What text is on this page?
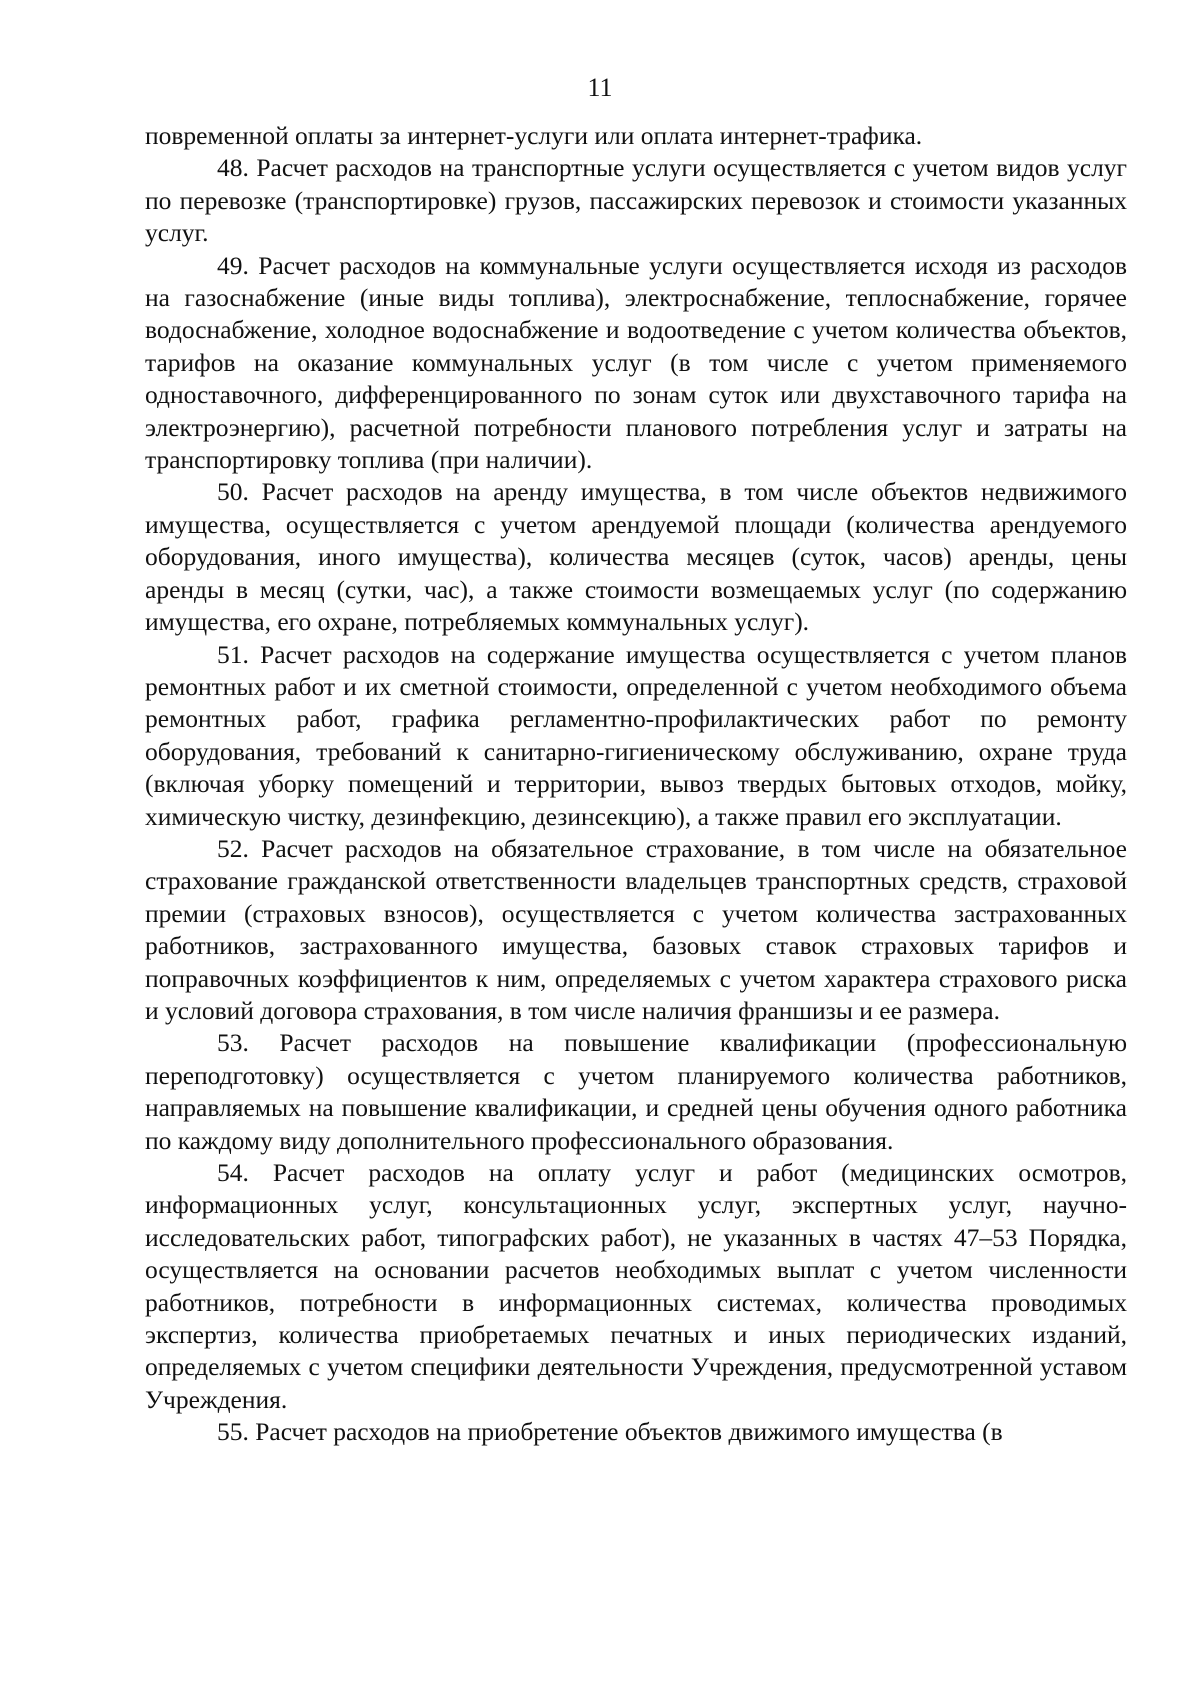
11

повременной оплаты за интернет-услуги или оплата интернет-трафика.

48. Расчет расходов на транспортные услуги осуществляется с учетом видов услуг по перевозке (транспортировке) грузов, пассажирских перевозок и стоимости указанных услуг.

49. Расчет расходов на коммунальные услуги осуществляется исходя из расходов на газоснабжение (иные виды топлива), электроснабжение, теплоснабжение, горячее водоснабжение, холодное водоснабжение и водоотведение с учетом количества объектов, тарифов на оказание коммунальных услуг (в том числе с учетом применяемого одноставочного, дифференцированного по зонам суток или двухставочного тарифа на электроэнергию), расчетной потребности планового потребления услуг и затраты на транспортировку топлива (при наличии).

50. Расчет расходов на аренду имущества, в том числе объектов недвижимого имущества, осуществляется с учетом арендуемой площади (количества арендуемого оборудования, иного имущества), количества месяцев (суток, часов) аренды, цены аренды в месяц (сутки, час), а также стоимости возмещаемых услуг (по содержанию имущества, его охране, потребляемых коммунальных услуг).

51. Расчет расходов на содержание имущества осуществляется с учетом планов ремонтных работ и их сметной стоимости, определенной с учетом необходимого объема ремонтных работ, графика регламентно-профилактических работ по ремонту оборудования, требований к санитарно-гигиеническому обслуживанию, охране труда (включая уборку помещений и территории, вывоз твердых бытовых отходов, мойку, химическую чистку, дезинфекцию, дезинсекцию), а также правил его эксплуатации.

52. Расчет расходов на обязательное страхование, в том числе на обязательное страхование гражданской ответственности владельцев транспортных средств, страховой премии (страховых взносов), осуществляется с учетом количества застрахованных работников, застрахованного имущества, базовых ставок страховых тарифов и поправочных коэффициентов к ним, определяемых с учетом характера страхового риска и условий договора страхования, в том числе наличия франшизы и ее размера.

53. Расчет расходов на повышение квалификации (профессиональную переподготовку) осуществляется с учетом планируемого количества работников, направляемых на повышение квалификации, и средней цены обучения одного работника по каждому виду дополнительного профессионального образования.

54. Расчет расходов на оплату услуг и работ (медицинских осмотров, информационных услуг, консультационных услуг, экспертных услуг, научно-исследовательских работ, типографских работ), не указанных в частях 47–53 Порядка, осуществляется на основании расчетов необходимых выплат с учетом численности работников, потребности в информационных системах, количества проводимых экспертиз, количества приобретаемых печатных и иных периодических изданий, определяемых с учетом специфики деятельности Учреждения, предусмотренной уставом Учреждения.

55. Расчет расходов на приобретение объектов движимого имущества (в
